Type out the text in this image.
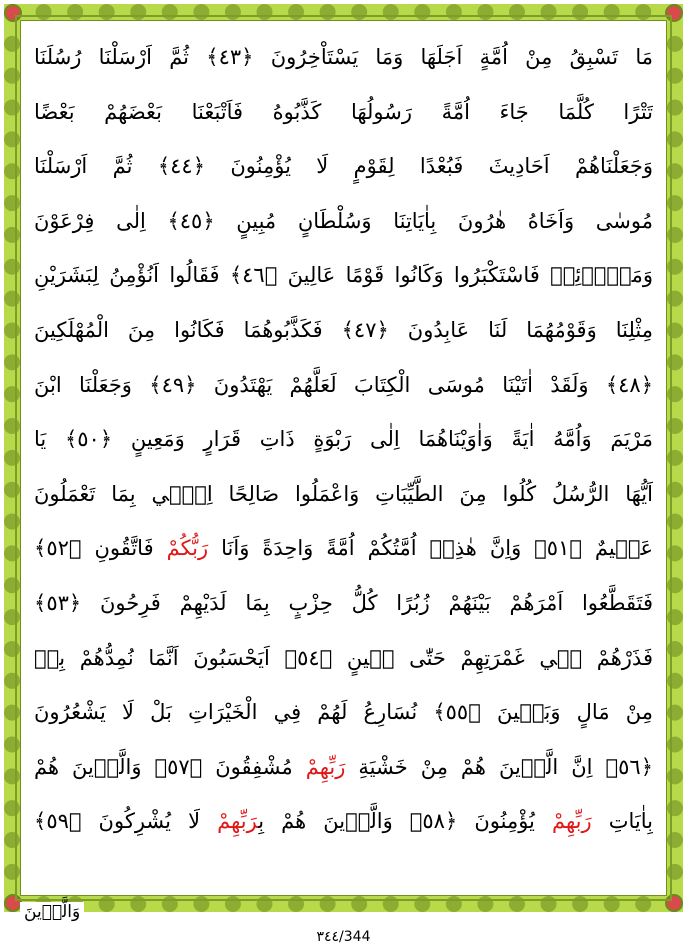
مَا تَسْبِقُ مِنْ اُمَّةٍ اَجَلَهَا وَمَا يَسْتَاْخِرُونَ ﴿٤٣﴾ ثُمَّ اَرْسَلْنَا رُسُلَنَا
تَتْرًا كُلَّمَا جَاءَ اُمَّةً رَسُولُهَا كَذَّبُوهُ فَاَتْبَعْنَا بَعْضَهُمْ بَعْضًا
وَجَعَلْنَاهُمْ اَحَادِيثَ فَبُعْدًا لِقَوْمٍ لَا يُؤْمِنُونَ ﴿٤٤﴾ ثُمَّ اَرْسَلْنَا
مُوسٰى وَاَخَاهُ هٰرُونَ بِاٰيَاتِنَا وَسُلْطَانٍ مُبِينٍ ﴿٤٥﴾ اِلٰى فِرْعَوْنَ
وَمَلَا۬ئِهٖ فَاسْتَكْبَرُوا وَكَانُوا قَوْمًا عَالِينَ ﴿٤٦﴾ فَقَالُوا اَنُؤْمِنُ لِبَشَرَيْنِ
مِثْلِنَا وَقَوْمُهُمَا لَنَا عَابِدُونَ ﴿٤٧﴾ فَكَذَّبُوهُمَا فَكَانُوا مِنَ الْمُهْلَكِينَ
﴿٤٨﴾ وَلَقَدْ اٰتَيْنَا مُوسَى الْكِتَابَ لَعَلَّهُمْ يَهْتَدُونَ ﴿٤٩﴾ وَجَعَلْنَا ابْنَ
مَرْيَمَ وَاُمَّهُ اٰيَةً وَاٰوَيْنَاهُمَا اِلٰى رَبْوَةٍ ذَاتِ قَرَارٍ وَمَعِينٍ ﴿٥٠﴾ يَا
اَيُّهَا الرُّسُلُ كُلُوا مِنَ الطَّيِّبَاتِ وَاعْمَلُوا صَالِحًا اِنّ۪ي بِمَا تَعْمَلُونَ
عَل۪يمٌ ﴿٥١﴾ وَاِنَّ هٰذِه۪ اُمَّتُكُمْ اُمَّةً وَاحِدَةً وَاَنَا رَبُّكُمْ فَاتَّقُونِ ﴿٥٢﴾
فَتَقَطَّعُوا اَمْرَهُمْ بَيْنَهُمْ زُبُرًا كُلُّ حِزْبٍ بِمَا لَدَيْهِمْ فَرِحُونَ ﴿٥٣﴾
فَذَرْهُمْ ف۪ي غَمْرَتِهِمْ حَتّٰى ح۪ينٍ ﴿٥٤﴾ اَيَحْسَبُونَ اَنَّمَا نُمِدُّهُمْ بِه۪
مِنْ مَالٍ وَبَن۪ينَ ﴿٥٥﴾ نُسَارِعُ لَهُمْ فِي الْخَيْرَاتِ بَلْ لَا يَشْعُرُونَ
﴿٥٦﴾ اِنَّ الَّذ۪ينَ هُمْ مِنْ خَشْيَةِ رَبِّهِمْ مُشْفِقُونَ ﴿٥٧﴾ وَالَّذ۪ينَ هُمْ
بِاٰيَاتِ رَبِّهِمْ يُؤْمِنُونَ ﴿٥٨﴾ وَالَّذ۪ينَ هُمْ بِرَبِّهِمْ لَا يُشْرِكُونَ ﴿٥٩﴾
وَالَّذ۪ينَ
٣٤٤/344
